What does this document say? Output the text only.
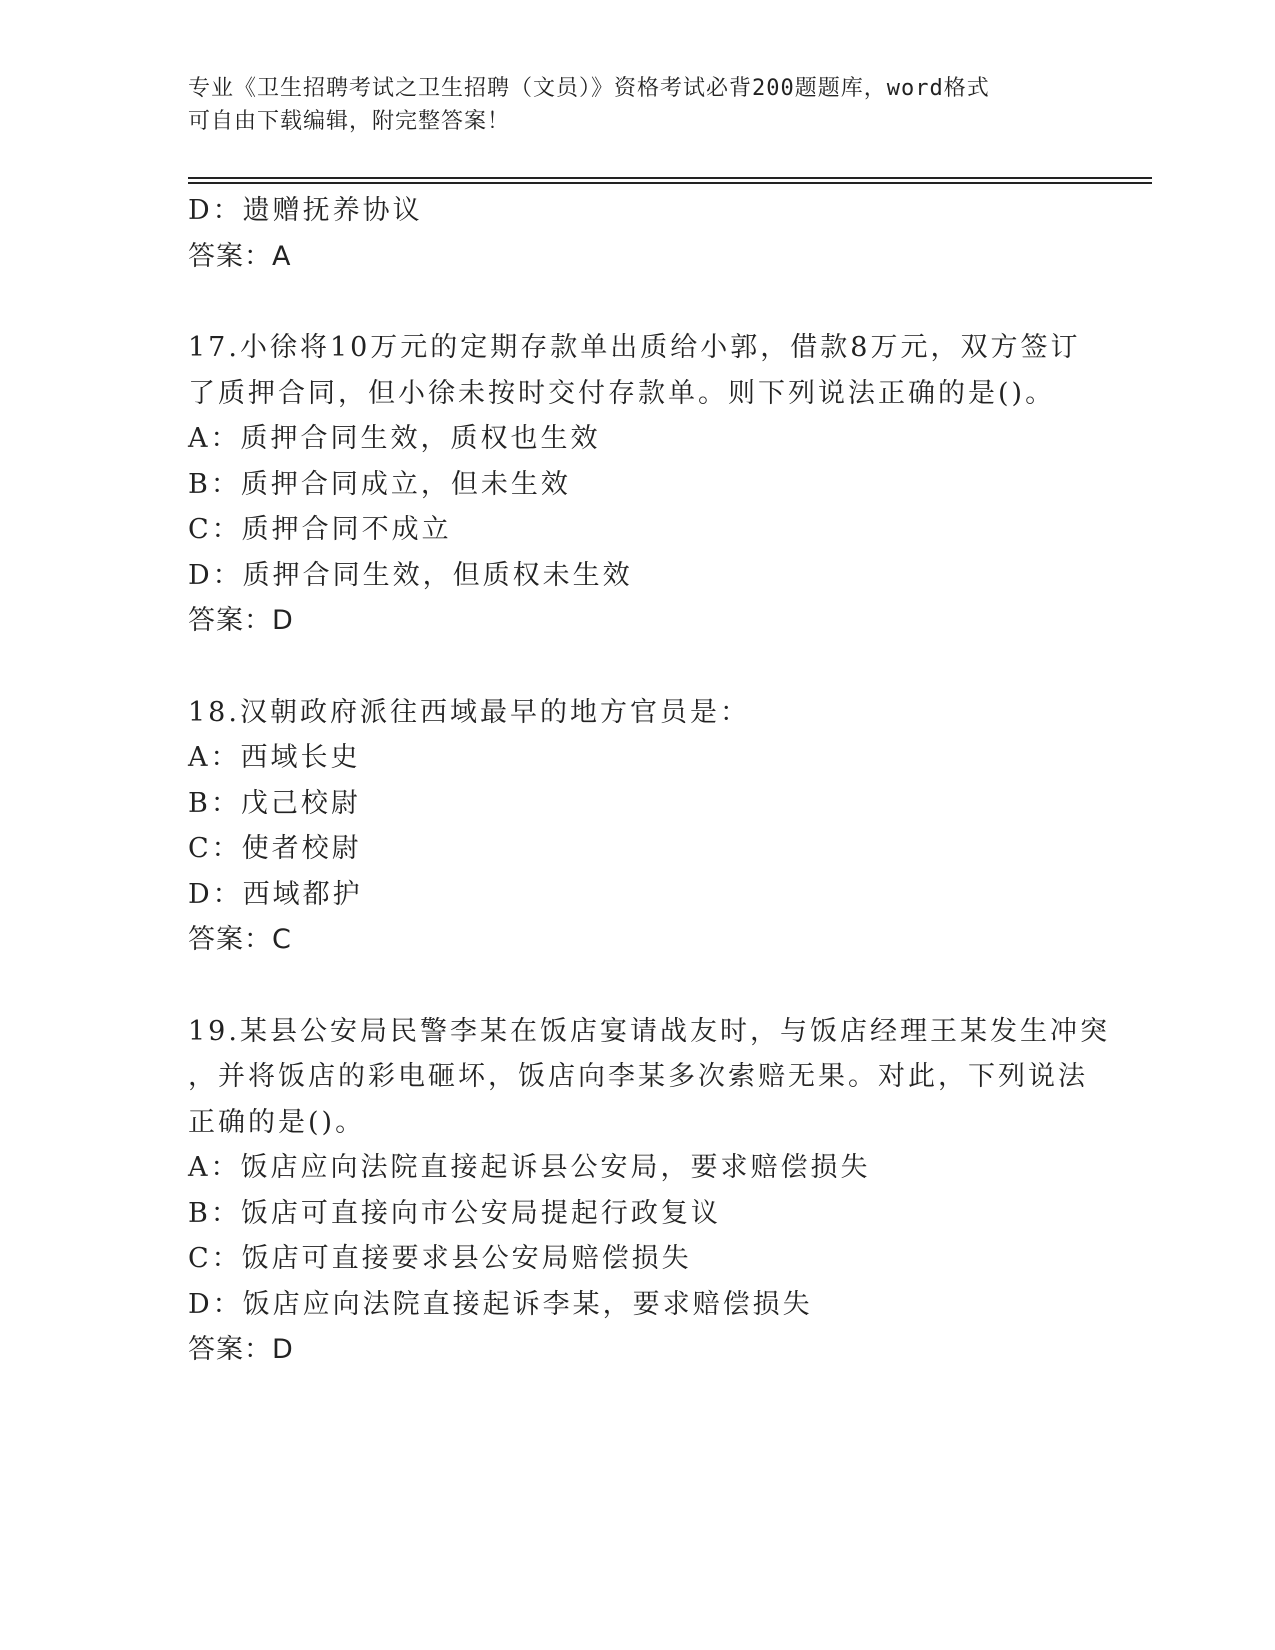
专业《卫生招聘考试之卫生招聘（文员）》资格考试必背200题题库，word格式
可自由下载编辑，附完整答案！
D：遗赠抚养协议
答案：A
17.小徐将10万元的定期存款单出质给小郭，借款8万元，双方签订
了质押合同，但小徐未按时交付存款单。则下列说法正确的是()。
A：质押合同生效，质权也生效
B：质押合同成立，但未生效
C：质押合同不成立
D：质押合同生效，但质权未生效
答案：D
18.汉朝政府派往西域最早的地方官员是：
A：西域长史
B：戊己校尉
C：使者校尉
D：西域都护
答案：C
19.某县公安局民警李某在饭店宴请战友时，与饭店经理王某发生冲突
，并将饭店的彩电砸坏，饭店向李某多次索赔无果。对此，下列说法
正确的是()。
A：饭店应向法院直接起诉县公安局，要求赔偿损失
B：饭店可直接向市公安局提起行政复议
C：饭店可直接要求县公安局赔偿损失
D：饭店应向法院直接起诉李某，要求赔偿损失
答案：D
